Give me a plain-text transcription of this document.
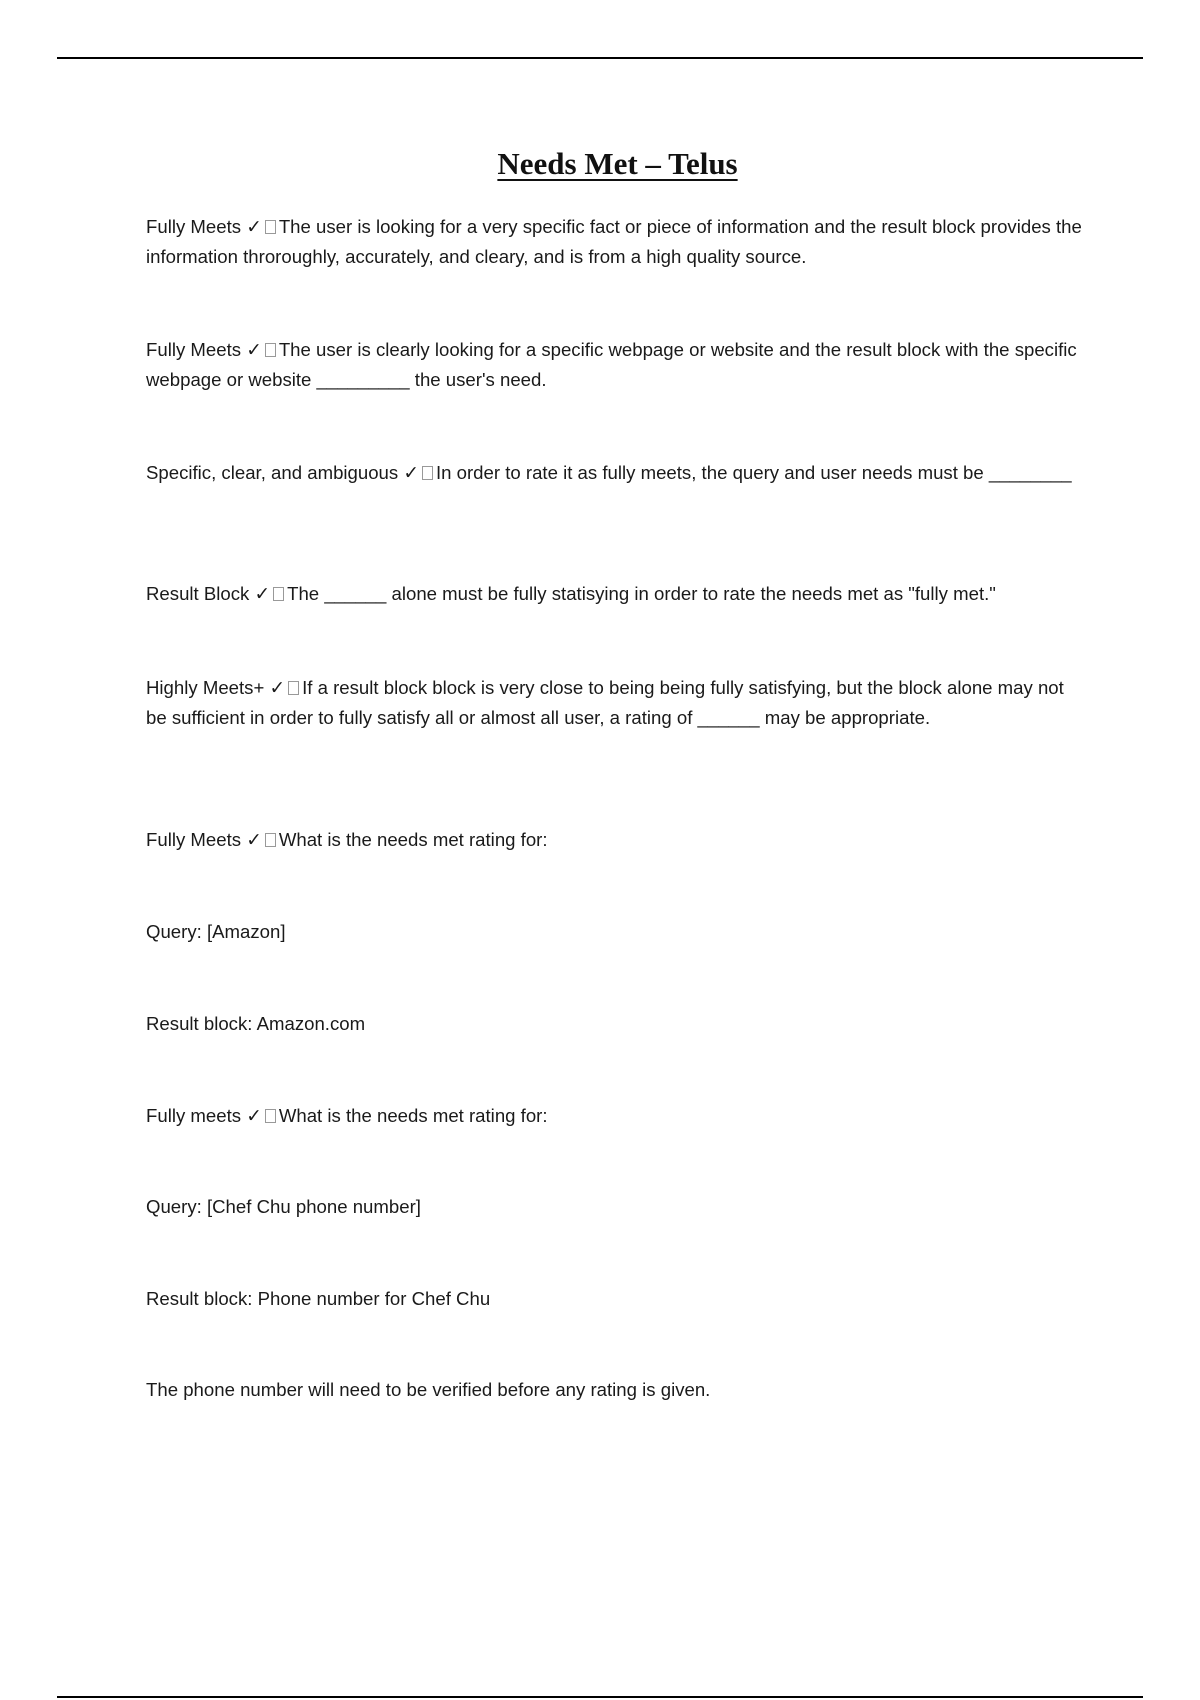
Needs Met – Telus
Fully Meets ✓ The user is looking for a very specific fact or piece of information and the result block provides the information throroughly, accurately, and cleary, and is from a high quality source.
Fully Meets ✓ The user is clearly looking for a specific webpage or website and the result block with the specific webpage or website _________ the user's need.
Specific, clear, and ambiguous ✓ In order to rate it as fully meets, the query and user needs must be ________
Result Block ✓ The ______ alone must be fully statisying in order to rate the needs met as "fully met."
Highly Meets+ ✓ If a result block block is very close to being being fully satisfying, but the block alone may not be sufficient in order to fully satisfy all or almost all user, a rating of ______ may be appropriate.
Fully Meets ✓ What is the needs met rating for:
Query: [Amazon]
Result block: Amazon.com
Fully meets ✓ What is the needs met rating for:
Query: [Chef Chu phone number]
Result block: Phone number for Chef Chu
The phone number will need to be verified before any rating is given.
